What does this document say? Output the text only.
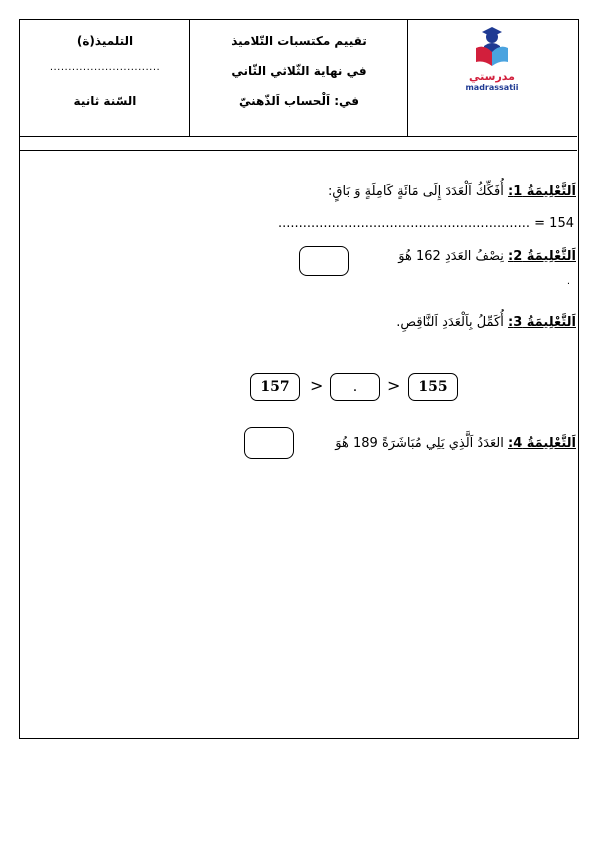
التلميذ(ة)
..............................
السّنة ثانية
تقييم مكتسبات التّلاميذ
في نهاية الثّلاثي الثّاني
في: اَلْحساب اَلذّهنيّ
مدرستي
madrassatii
اَلتَّعْلِيمَةُ 1: أُفَكِّكُ اَلْعَدَدَ إِلَى مَائَةٍ كَامِلَةٍ وَ بَاقٍ:
............................................................. = 154
اَلتَّعْلِيمَةُ 2: نِصْفُ العَدَدِ 162 هُوَ
.
اَلتَّعْلِيمَةُ 3: أُكَمِّلُ بِاَلْعَدَدِ اَلنَّاقِصِ.
157	>	.	>	155
اَلتَّعْلِيمَةُ 4: العَدَدُ اَلَّذِي يَلِي مُبَاشَرَةً 189 هُوَ
